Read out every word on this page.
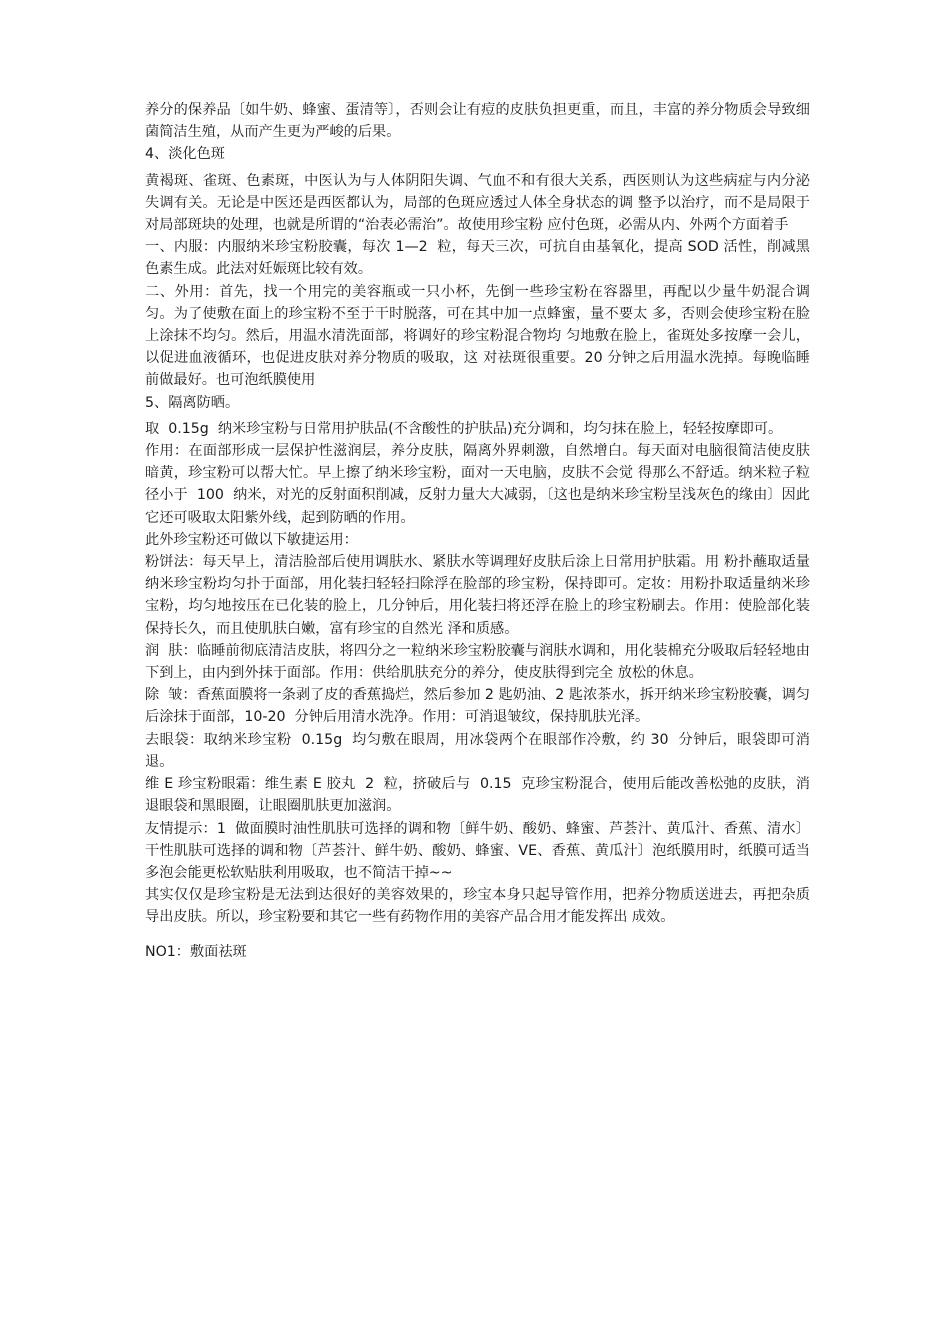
养分的保养品〔如牛奶、蜂蜜、蛋清等〕，否则会让有痘的皮肤负担更重，而且，丰富的养分物质会导致细菌简洁生殖，从而产生更为严峻的后果。

4、淡化色斑

黄褐斑、雀斑、色素斑，中医认为与人体阴阳失调、气血不和有很大关系，西医则认为这些病症与内分泌失调有关。无论是中医还是西医都认为，局部的色斑应透过人体全身状态的调 整予以治疗，而不是局限于对局部斑块的处理，也就是所谓的“治表必需治”。故使用珍宝粉 应付色斑，必需从内、外两个方面着手

一、内服：内服纳米珍宝粉胶囊，每次 1—2  粒，每天三次，可抗自由基氧化，提高 SOD 活性，削减黑色素生成。此法对妊娠斑比较有效。

二、外用：首先，找一个用完的美容瓶或一只小杯，先倒一些珍宝粉在容器里，再配以少量牛奶混合调匀。为了使敷在面上的珍宝粉不至于干时脱落，可在其中加一点蜂蜜，量不要太 多，否则会使珍宝粉在脸上涂抹不均匀。然后，用温水清洗面部，将调好的珍宝粉混合物均 匀地敷在脸上，雀斑处多按摩一会儿，以促进血液循环，也促进皮肤对养分物质的吸取，这 对祛斑很重要。20 分钟之后用温水洗掉。每晚临睡前做最好。也可泡纸膜使用

5、隔离防晒。

取  0.15g  纳米珍宝粉与日常用护肤品(不含酸性的护肤品)充分调和，均匀抹在脸上，轻轻按摩即可。

作用：在面部形成一层保护性滋润层，养分皮肤，隔离外界刺激，自然增白。每天面对电脑很简洁使皮肤暗黄，珍宝粉可以帮大忙。早上擦了纳米珍宝粉，面对一天电脑，皮肤不会觉 得那么不舒适。纳米粒子粒径小于  100  纳米，对光的反射面积削减，反射力量大大减弱，〔这也是纳米珍宝粉呈浅灰色的缘由〕因此它还可吸取太阳紫外线，起到防晒的作用。

此外珍宝粉还可做以下敏捷运用：

粉饼法：每天早上，清洁脸部后使用调肤水、紧肤水等调理好皮肤后涂上日常用护肤霜。用 粉扑蘸取适量纳米珍宝粉均匀扑于面部，用化装扫轻轻扫除浮在脸部的珍宝粉，保持即可。定妆：用粉扑取适量纳米珍宝粉，均匀地按压在已化装的脸上，几分钟后，用化装扫将还浮在脸上的珍宝粉刷去。作用：使脸部化装保持长久，而且使肌肤白嫩，富有珍宝的自然光 泽和质感。

润  肤：临睡前彻底清洁皮肤，将四分之一粒纳米珍宝粉胶囊与润肤水调和，用化装棉充分吸取后轻轻地由下到上，由内到外抹于面部。作用：供给肌肤充分的养分，使皮肤得到完全 放松的休息。

除  皱：香蕉面膜将一条剥了皮的香蕉捣烂，然后参加 2 匙奶油、2 匙浓茶水，拆开纳米珍宝粉胶囊，调匀后涂抹于面部，10-20  分钟后用清水洗净。作用：可消退皱纹，保持肌肤光泽。

去眼袋：取纳米珍宝粉  0.15g  均匀敷在眼周，用冰袋两个在眼部作冷敷，约 30  分钟后，眼袋即可消退。

维 E 珍宝粉眼霜：维生素 E 胶丸  2  粒，挤破后与  0.15  克珍宝粉混合，使用后能改善松弛的皮肤，消退眼袋和黑眼圈，让眼圈肌肤更加滋润。

友情提示：1  做面膜时油性肌肤可选择的调和物〔鲜牛奶、酸奶、蜂蜜、芦荟汁、黄瓜汁、香蕉、清水〕干性肌肤可选择的调和物〔芦荟汁、鲜牛奶、酸奶、蜂蜜、VE、香蕉、黄瓜汁〕泡纸膜用时，纸膜可适当多泡会能更松软贴肤利用吸取，也不简洁干掉~~

其实仅仅是珍宝粉是无法到达很好的美容效果的，珍宝本身只起导管作用，把养分物质送进去，再把杂质导出皮肤。所以，珍宝粉要和其它一些有药物作用的美容产品合用才能发挥出 成效。

NO1：敷面祛斑
